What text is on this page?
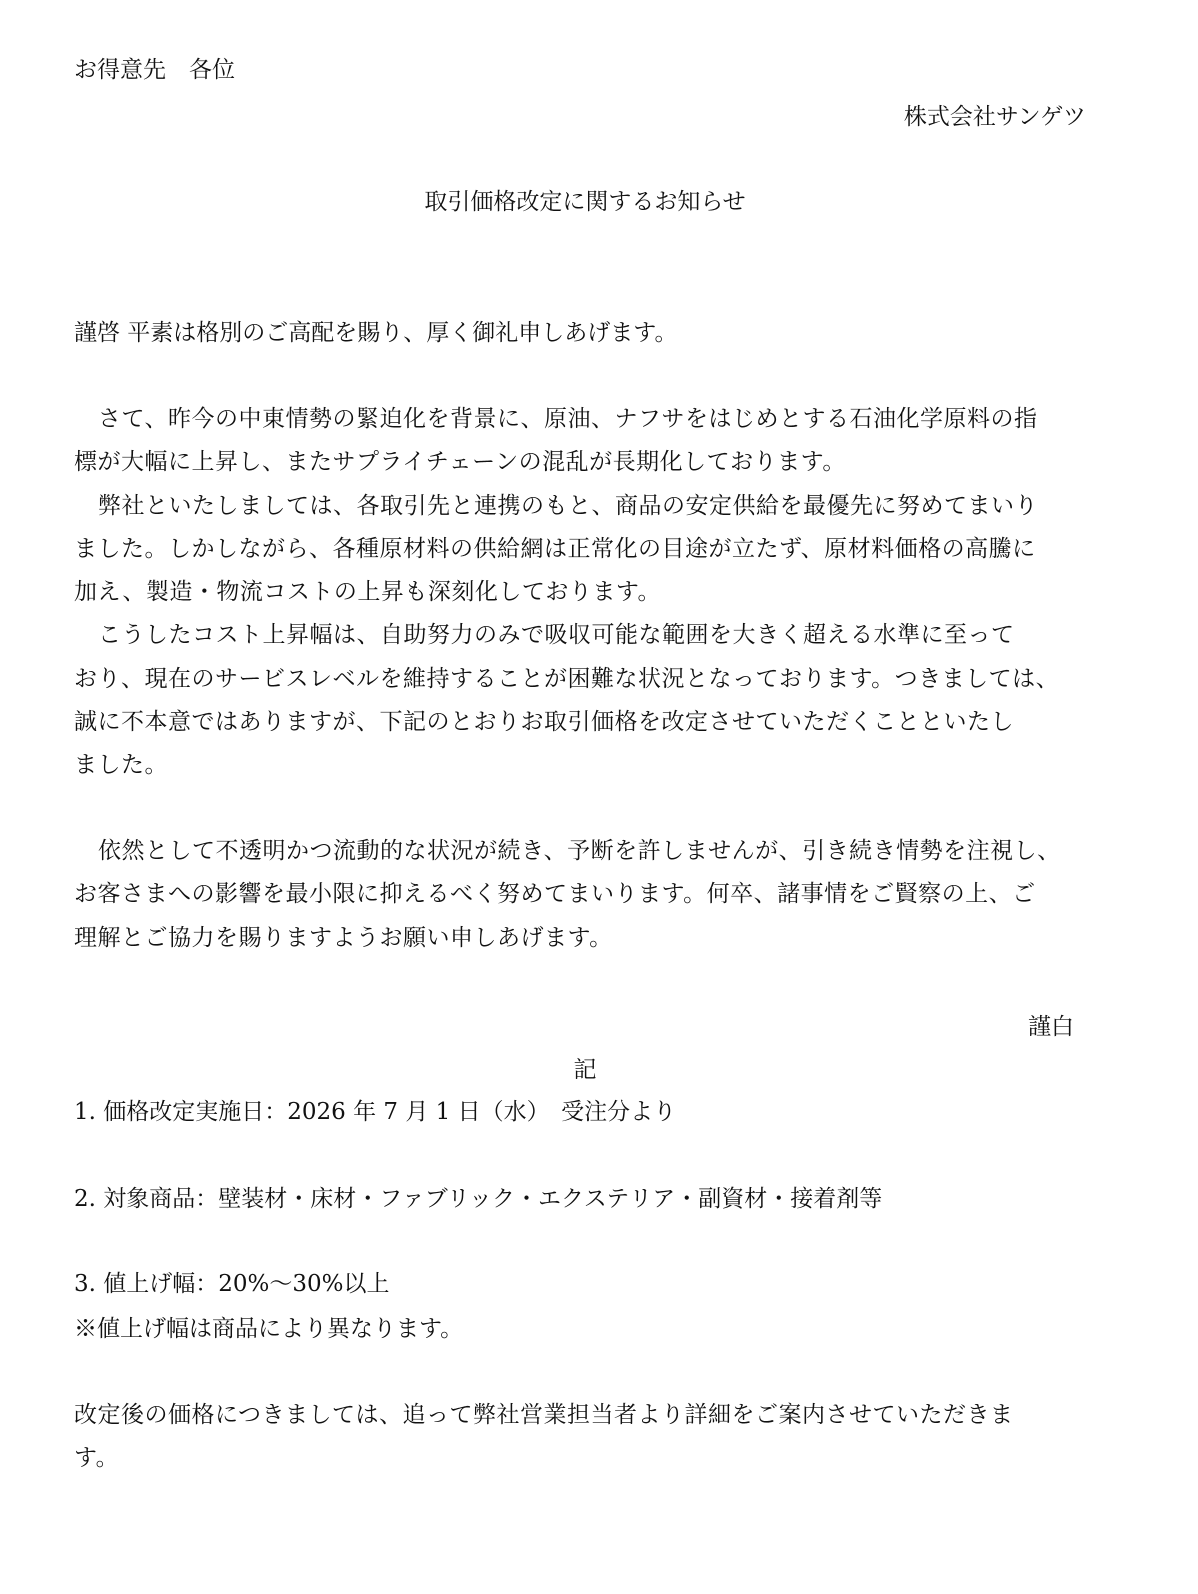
お得意先　各位
株式会社サンゲツ
取引価格改定に関するお知らせ
謹啓 平素は格別のご高配を賜り、厚く御礼申しあげます。
さて、昨今の中東情勢の緊迫化を背景に、原油、ナフサをはじめとする石油化学原料の指
標が大幅に上昇し、またサプライチェーンの混乱が長期化しております。
弊社といたしましては、各取引先と連携のもと、商品の安定供給を最優先に努めてまいり
ました。しかしながら、各種原材料の供給網は正常化の目途が立たず、原材料価格の高騰に
加え、製造・物流コストの上昇も深刻化しております。
こうしたコスト上昇幅は、自助努力のみで吸収可能な範囲を大きく超える水準に至って
おり、現在のサービスレベルを維持することが困難な状況となっております。つきましては、
誠に不本意ではありますが、下記のとおりお取引価格を改定させていただくことといたし
ました。
依然として不透明かつ流動的な状況が続き、予断を許しませんが、引き続き情勢を注視し、
お客さまへの影響を最小限に抑えるべく努めてまいります。何卒、諸事情をご賢察の上、ご
理解とご協力を賜りますようお願い申しあげます。
謹白
記
1. 価格改定実施日：2026 年 7 月 1 日（水）　受注分より
2. 対象商品：壁装材・床材・ファブリック・エクステリア・副資材・接着剤等
3. 値上げ幅：20%～30%以上
※値上げ幅は商品により異なります。
改定後の価格につきましては、追って弊社営業担当者より詳細をご案内させていただきま
す。
